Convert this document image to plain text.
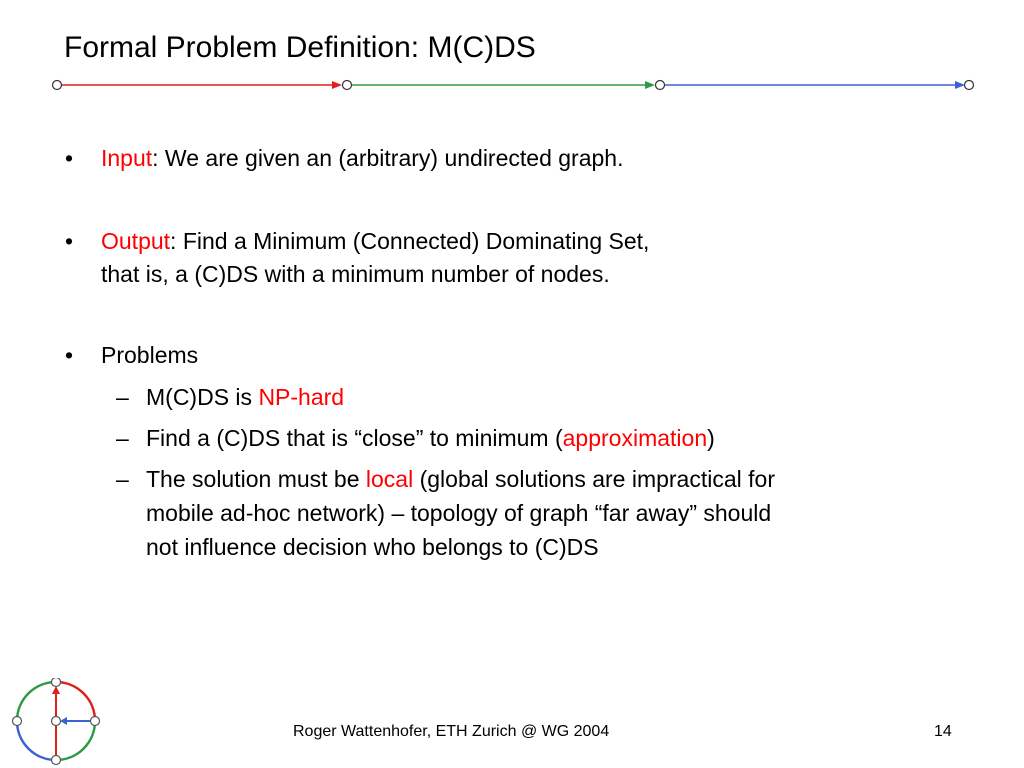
Formal Problem Definition: M(C)DS
• Input: We are given an (arbitrary) undirected graph.
• Output: Find a Minimum (Connected) Dominating Set,
that is, a (C)DS with a minimum number of nodes.
• Problems
– M(C)DS is NP-hard
– Find a (C)DS that is “close” to minimum (approximation)
– The solution must be local (global solutions are impractical for
mobile ad-hoc network) – topology of graph “far away” should
not influence decision who belongs to (C)DS
Roger Wattenhofer, ETH Zurich @ WG 2004	14
